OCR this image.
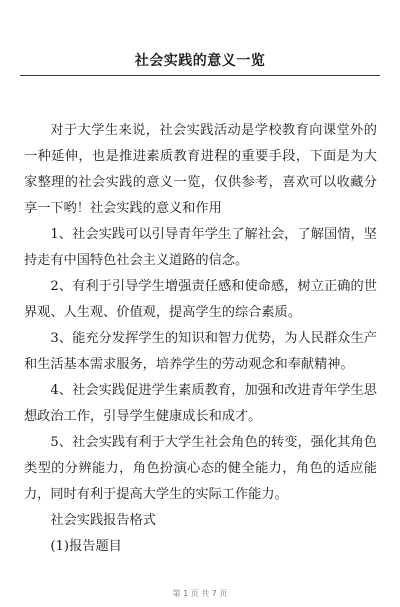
社会实践的意义一览

对于大学生来说，社会实践活动是学校教育向课堂外的一种延伸，也是推进素质教育进程的重要手段，下面是为大家整理的社会实践的意义一览，仅供参考，喜欢可以收藏分享一下哟！社会实践的意义和作用

1、社会实践可以引导青年学生了解社会，了解国情，坚持走有中国特色社会主义道路的信念。

2、有利于引导学生增强责任感和使命感，树立正确的世界观、人生观、价值观，提高学生的综合素质。

3、能充分发挥学生的知识和智力优势，为人民群众生产和生活基本需求服务，培养学生的劳动观念和奉献精神。

4、社会实践促进学生素质教育，加强和改进青年学生思想政治工作，引导学生健康成长和成才。

5、社会实践有利于大学生社会角色的转变，强化其角色类型的分辨能力，角色扮演心态的健全能力，角色的适应能力，同时有利于提高大学生的实际工作能力。

社会实践报告格式

(1)报告题目

第 1 页 共 7 页
